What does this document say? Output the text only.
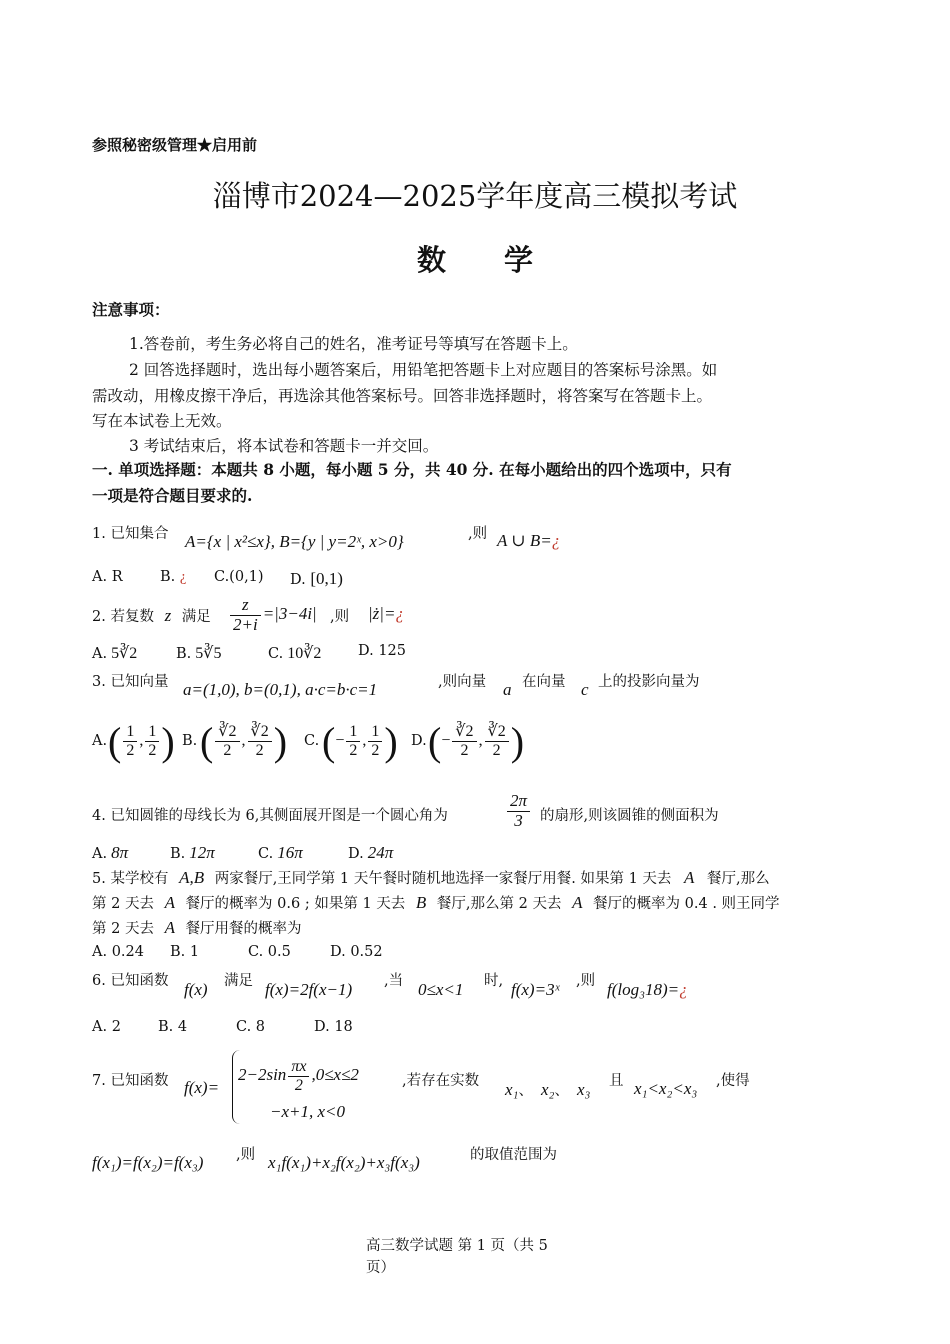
参照秘密级管理★启用前
淄博市2024—2025学年度高三模拟考试
数　　学
注意事项：
1.答卷前，考生务必将自己的姓名，准考证号等填写在答题卡上。
2 回答选择题时，选出每小题答案后，用铅笔把答题卡上对应题目的答案标号涂黑。如
需改动，用橡皮擦干净后，再选涂其他答案标号。回答非选择题时，将答案写在答题卡上。
写在本试卷上无效。
3 考试结束后，将本试卷和答题卡一并交回。
一. 单项选择题：本题共 8 小题，每小题 5 分，共 40 分. 在每小题给出的四个选项中，只有
一项是符合题目要求的.
1. 已知集合 A={x | x²≤x}, B={y | y=2ˣ, x>0}	,则 A ∪ B=¿
A. R	B. ¿ C.(0,1) D. [0,1)
2. 若复数 z 满足 $\frac{z}{2+i} =|3-4i|$ ,则 |ż|=¿
A. 5∛2	B. 5∛5	C. 10∛2	D. 125
3. 已知向量 a=(1,0), b=(0,1), a·c=b·c=1	,则向量 a 在向量 c 上的投影向量为
A. ( $\frac{1}{2}$ , $\frac{1}{2}$ ) B. ( $\frac{∛2}{2}$ , $\frac{∛2}{2}$ ) C. (− $\frac{1}{2}$ , $\frac{1}{2}$ ) D. (− $\frac{∛2}{2}$ , $\frac{∛2}{2}$ )
4. 已知圆锥的母线长为 6,其侧面展开图是一个圆心角为	$\frac{2\pi}{3}$ 的扇形,则该圆锥的侧面积为
A. 8π	B. 12π	C. 16π	D. 24π
5. 某学校有 A,B 两家餐厅,王同学第 1 天午餐时随机地选择一家餐厅用餐. 如果第 1 天去 A 餐厅,那么
第 2 天去 A 餐厅的概率为 0.6 ; 如果第 1 天去 B 餐厅,那么第 2 天去 A 餐厅的概率为 0.4 . 则王同学
第 2 天去 A 餐厅用餐的概率为
A. 0.24 B. 1	C. 0.5	D. 0.52
6. 已知函数 f(x) 满足 f(x)=2f(x−1) ,当 0≤x<1 时, f(x)=3ˣ ,则 f(log₃18)=¿
A. 2	B. 4	C. 8	D. 18
7. 已知函数 f(x)=
$2-2\sin \frac{\pi x}{2} ,0\le x\le 2$
−x+1, x<0
,若存在实数 x₁、 x₂、 x₃ 且 x₁<x₂<x₃ ,使得
f(x₁)=f(x₂)=f(x₃) ,则 x₁f(x₁)+x₂f(x₂)+x₃f(x₃)	的取值范围为
高三数学试题 第 1 页（共 5
页）
